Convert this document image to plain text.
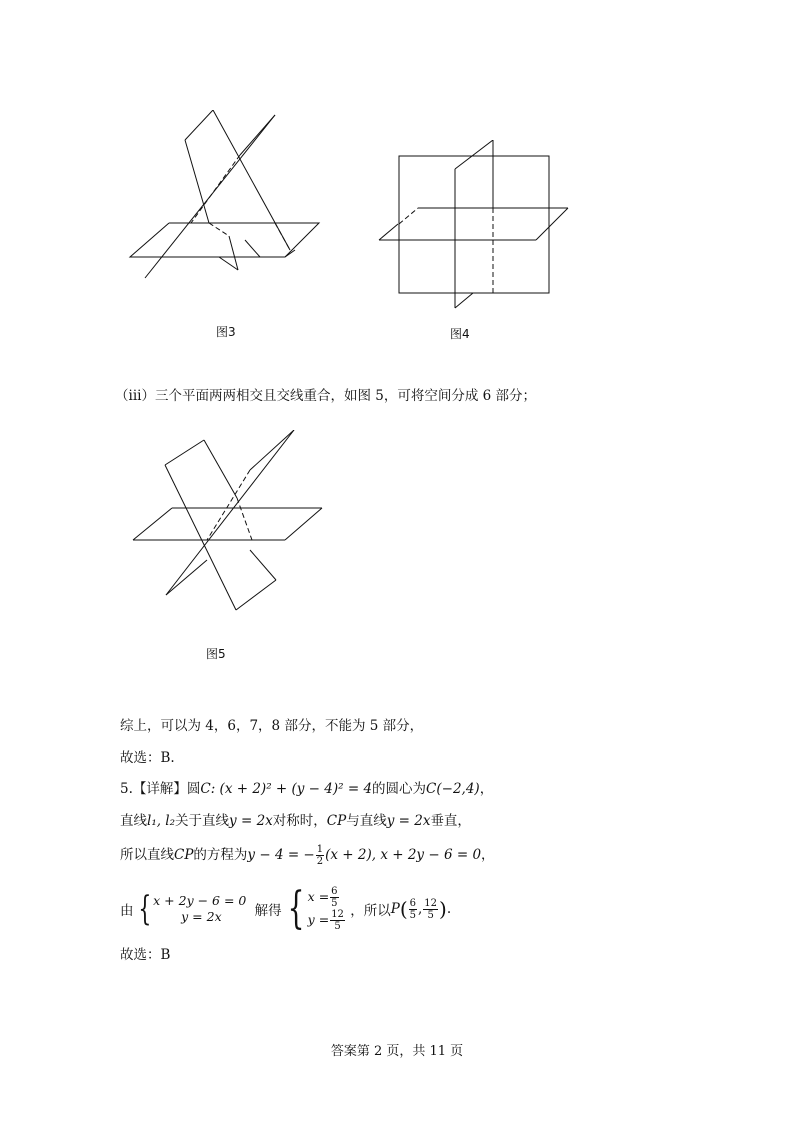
图3	图4
（iii）三个平面两两相交且交线重合，如图 5，可将空间分成 6 部分；
图5
综上，可以为 4，6，7，8 部分，不能为 5 部分，
故选：B.
5.【详解】圆C: (x + 2)² + (y − 4)² = 4的圆心为C(−2,4)，
直线l₁, l₂关于直线y = 2x对称时，CP与直线y = 2x垂直，
所以直线CP的方程为y − 4 = − $\frac{1}{2} (x + 2)$, x + 2y − 6 = 0，
由 { x + 2y − 6 = 0
y = 2x	解得 { $x = \frac{6}{5}$
$y = \frac{12}{5}$ ，所以$P( \frac{6}{5}$ , $\frac{12}{5}$ ).
故选：B
答案第 2 页，共 11 页
